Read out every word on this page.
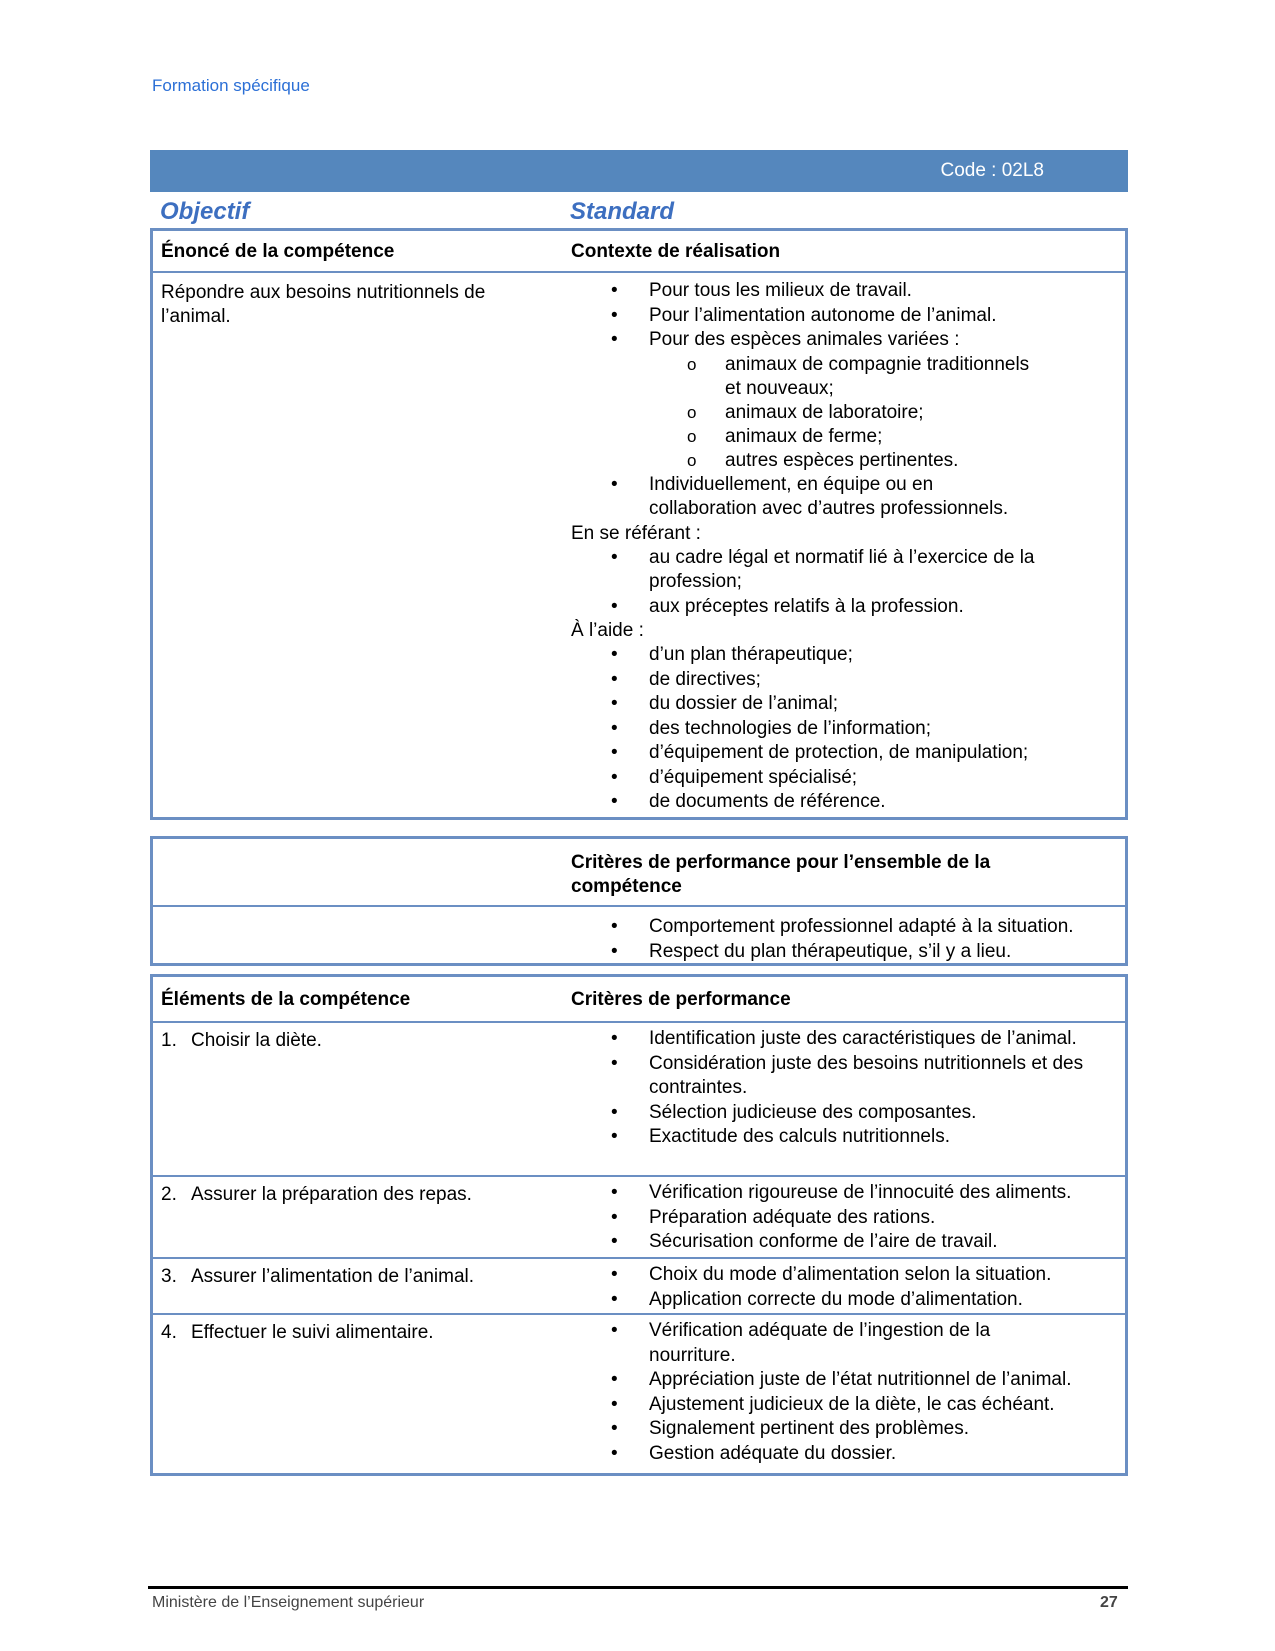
Formation spécifique
Code : 02L8
Objectif	Standard
Énoncé de la compétence	Contexte de réalisation
Répondre aux besoins nutritionnels de
l’animal.
• Pour tous les milieux de travail.
• Pour l’alimentation autonome de l’animal.
• Pour des espèces animales variées :
o animaux de compagnie traditionnels et nouveaux;
o animaux de laboratoire;
o animaux de ferme;
o autres espèces pertinentes.
• Individuellement, en équipe ou en collaboration avec d’autres professionnels.
En se référant :
• au cadre légal et normatif lié à l’exercice de la profession;
• aux préceptes relatifs à la profession.
À l’aide :
• d’un plan thérapeutique;
• de directives;
• du dossier de l’animal;
• des technologies de l’information;
• d’équipement de protection, de manipulation;
• d’équipement spécialisé;
• de documents de référence.
Critères de performance pour l’ensemble de la compétence
• Comportement professionnel adapté à la situation.
• Respect du plan thérapeutique, s’il y a lieu.
Éléments de la compétence	Critères de performance
1. Choisir la diète.	• Identification juste des caractéristiques de l’animal.
• Considération juste des besoins nutritionnels et des contraintes.
• Sélection judicieuse des composantes.
• Exactitude des calculs nutritionnels.
2. Assurer la préparation des repas.	• Vérification rigoureuse de l’innocuité des aliments.
• Préparation adéquate des rations.
• Sécurisation conforme de l’aire de travail.
3. Assurer l’alimentation de l’animal.	• Choix du mode d’alimentation selon la situation.
• Application correcte du mode d’alimentation.
4. Effectuer le suivi alimentaire.	• Vérification adéquate de l’ingestion de la nourriture.
• Appréciation juste de l’état nutritionnel de l’animal.
• Ajustement judicieux de la diète, le cas échéant.
• Signalement pertinent des problèmes.
• Gestion adéquate du dossier.
Ministère de l’Enseignement supérieur	27
